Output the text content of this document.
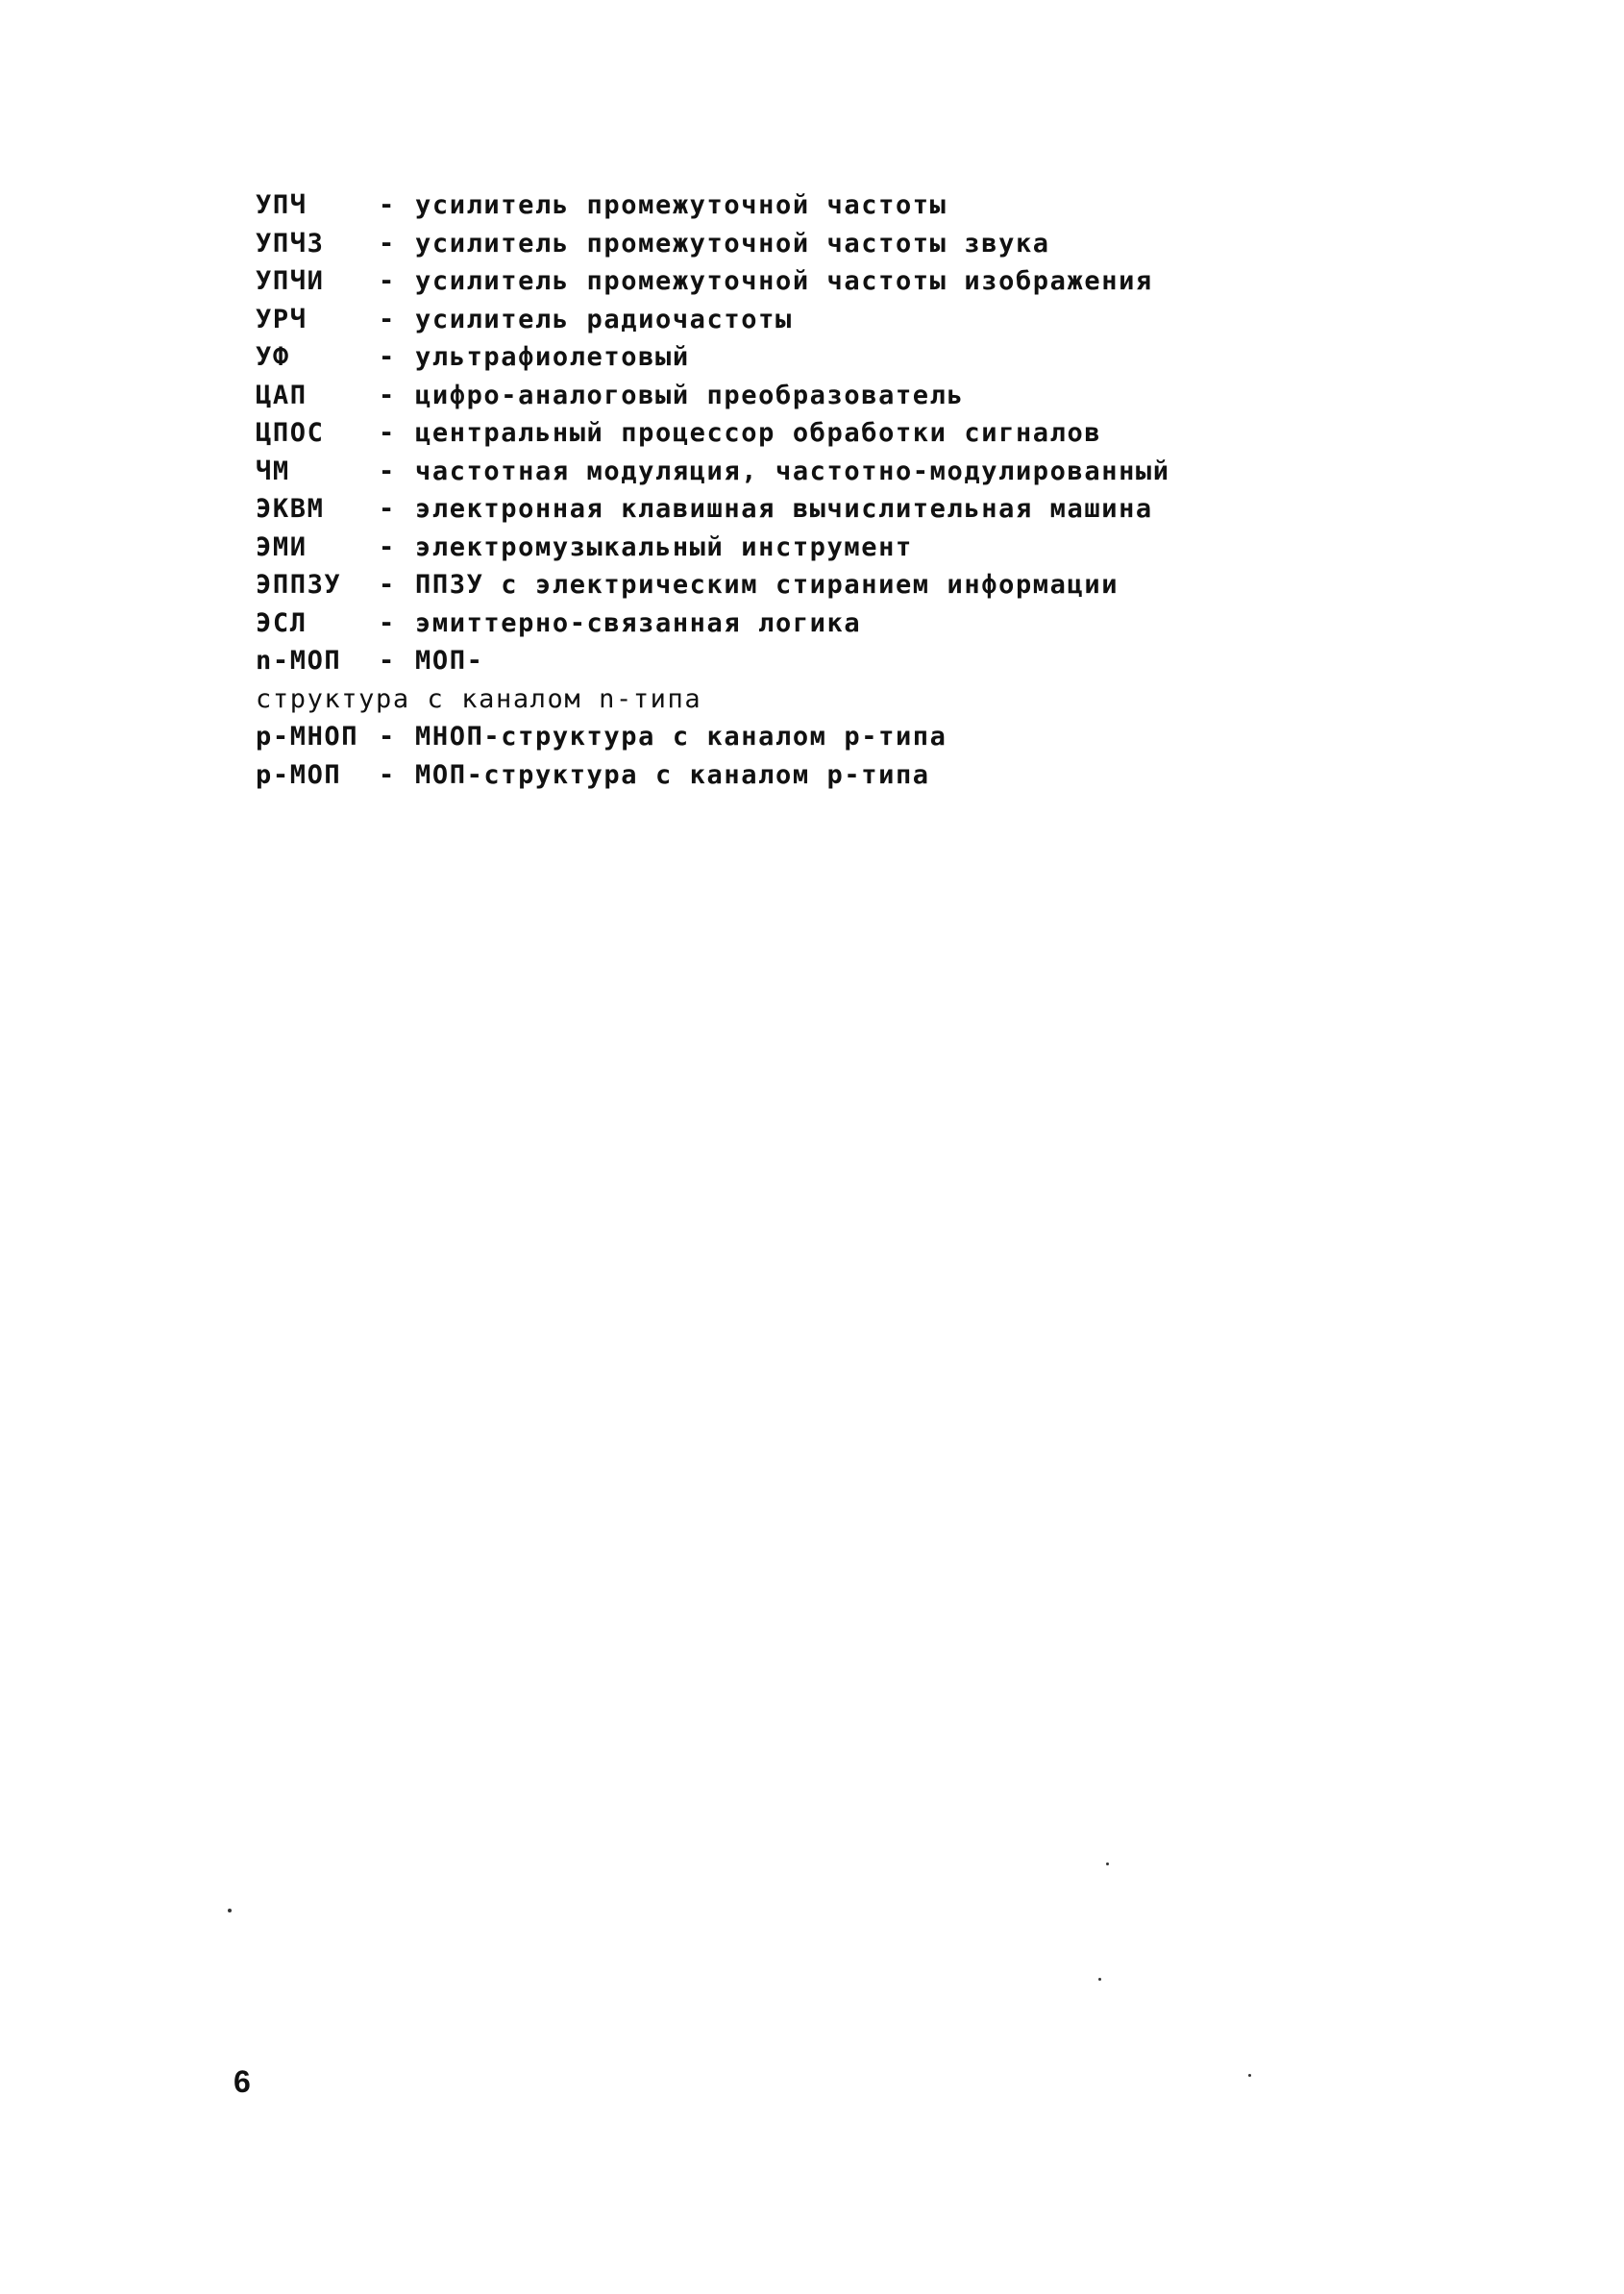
УПЧ	- усилитель промежуточной частоты
УПЧЗ	- усилитель промежуточной частоты звука
УПЧИ	- усилитель промежуточной частоты изображения
УРЧ	- усилитель радиочастоты
УФ	- ультрафиолетовый
ЦАП	- цифро-аналоговый преобразователь
ЦПОС	- центральный процессор обработки сигналов
ЧМ	- частотная модуляция, частотно-модулированный
ЭКВМ	- электронная клавишная вычислительная машина
ЭМИ	- электромузыкальный инструмент
ЭППЗУ	- ППЗУ с электрическим стиранием информации
ЭСЛ	- эмиттерно-связанная логика
n-МОП	- МОП-
структура с каналом n-типа
р-МНОП - МНОП-структура с каналом р-типа
р-МОП	- МОП-структура с каналом р-типа
6
